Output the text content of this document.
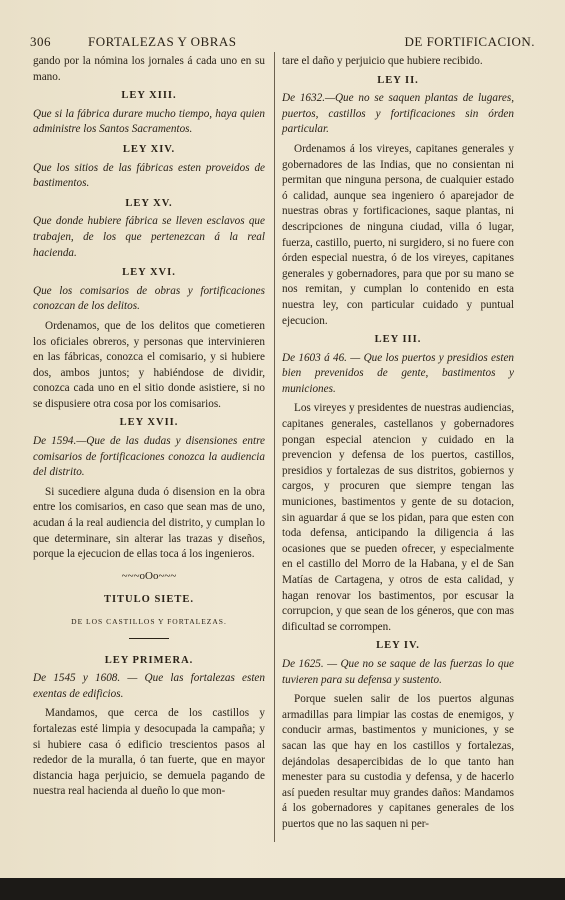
306	FORTALEZAS Y OBRAS	DE FORTIFICACION.

gando por la nómina los jornales á cada uno en su mano.

LEY XIII.

Que si la fábrica durare mucho tiempo, haya quien administre los Santos Sacramentos.

LEY XIV.

Que los sitios de las fábricas esten proveidos de bastimentos.

LEY XV.

Que donde hubiere fábrica se lleven esclavos que trabajen, de los que pertenezcan á la real hacienda.

LEY XVI.

Que los comisarios de obras y fortificaciones conozcan de los delitos.

Ordenamos, que de los delitos que cometieren los oficiales obreros, y personas que intervinieren en las fábricas, conozca el comisario, y si hubiere dos, ambos juntos; y habiéndose de dividir, conozca cada uno en el sitio donde asistiere, si no se dispusiere otra cosa por los comisarios.

LEY XVII.

De 1594.—Que de las dudas y disensiones entre comisarios de fortificaciones conozca la audiencia del distrito.

Si sucediere alguna duda ó disension en la obra entre los comisarios, en caso que sean mas de uno, acudan á la real audiencia del distrito, y cumplan lo que determinare, sin alterar las trazas y diseños, porque la ejecucion de ellas toca á los ingenieros.

~~~oOo~~~
TITULO SIETE.
DE LOS CASTILLOS Y FORTALEZAS.
LEY PRIMERA.

De 1545 y 1608. — Que las fortalezas esten exentas de edificios.

Mandamos, que cerca de los castillos y fortalezas esté limpia y desocupada la campaña; y si hubiere casa ó edificio trescientos pasos al rededor de la muralla, ó tan fuerte, que en mayor distancia haga perjuicio, se demuela pagando de nuestra real hacienda al dueño lo que mon-

tare el daño y perjuicio que hubiere recibido.

LEY II.

De 1632.—Que no se saquen plantas de lugares, puertos, castillos y fortificaciones sin órden particular.

Ordenamos á los vireyes, capitanes generales y gobernadores de las Indias, que no consientan ni permitan que ninguna persona, de cualquier estado ó calidad, aunque sea ingeniero ó aparejador de nuestras obras y fortificaciones, saque plantas, ni descripciones de ninguna ciudad, villa ó lugar, fuerza, castillo, puerto, ni surgidero, si no fuere con órden especial nuestra, ó de los vireyes, capitanes generales y gobernadores, para que por su mano se nos remitan, y cumplan lo contenido en esta nuestra ley, con particular cuidado y puntual ejecucion.

LEY III.

De 1603 á 46. — Que los puertos y presidios esten bien prevenidos de gente, bastimentos y municiones.

Los vireyes y presidentes de nuestras audiencias, capitanes generales, castellanos y gobernadores pongan especial atencion y cuidado en la prevencion y defensa de los puertos, castillos, presidios y fortalezas de sus distritos, gobiernos y cargos, y procuren que siempre tengan las municiones, bastimentos y gente de su dotacion, sin aguardar á que se los pidan, para que esten con toda defensa, anticipando la diligencia á las ocasiones que se pueden ofrecer, y especialmente en el castillo del Morro de la Habana, y el de San Matías de Cartagena, y otros de esta calidad, y hagan renovar los bastimentos, por escusar la corrupcion, y que sean de los géneros, que con mas dificultad se corrompen.

LEY IV.

De 1625. — Que no se saque de las fuerzas lo que tuvieren para su defensa y sustento.

Porque suelen salir de los puertos algunas armadillas para limpiar las costas de enemigos, y conducir armas, bastimentos y municiones, y se sacan las que hay en los castillos y fortalezas, dejándolas desapercibidas de lo que tanto han menester para su custodia y defensa, y de hacerlo así pueden resultar muy grandes daños: Mandamos á los gobernadores y capitanes generales de los puertos que no las saquen ni per-
